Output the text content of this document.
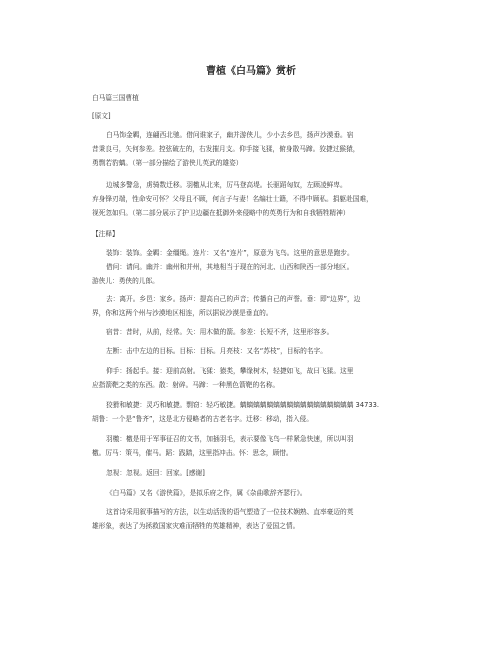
曹植《白马篇》赏析
白马篇三国曹植
[原文]
白马饰金羁，连翩西北驰。借问谁家子，幽并游侠儿，少小去乡邑，扬声沙漠垂。宿
昔秉良弓，矢何参差。控弦破左的，右发摧月支。仰手接飞猱，俯身散马蹄。狡捷过猴猿，
勇剽若豹螭。（第一部分描绘了游侠儿英武的雄姿）
边城多警急，虏骑数迁移。羽檄从北来，厉马登高堤。长驱蹈匈奴，左顾凌鲜卑。
弃身锋刃端，性命安可怀？父母且不顾，何言子与妻！名编壮士籍，不得中顾私。捐躯赴国难，
视死忽如归。（第二部分展示了护卫边疆在抵御外来侵略中的英勇行为和自我牺牲精神）
【注释】
装饰：装饰。金羁：金缰绳。连片：又名“连片”，原意为飞鸟。这里的意思是跑步。
借问：请问。幽并：幽州和并州，其地相当于现在的河北、山西和陕西一部分地区。
游侠儿：勇侠的儿郎。
去：离开。乡邑：家乡。扬声：提高自己的声音；传播自己的声誉。垂：即“边界”，边
界，你和这两个州与沙漠地区相连，所以据说沙漠是垂直的。
宿昔：昔时，从前，经常。矢：用木做的箭。参差：长短不齐，这里形容多。
左断：击中左边的目标。目标：目标。月亮枝：又名“苏枝”，目标的名字。
仰手：扬起手。接：迎前高射。飞猱：猿类，攀缘树木，轻捷如飞，故曰飞猱。这里
应指箭靶之类的东西。散：射碎。马蹄：一种黑色箭靶的名称。
狡猾和敏捷：灵巧和敏捷。剽窃：轻巧敏捷。螭螭螭螭螭螭螭螭螭螭螭螭螭螭螭螭螭 34733.
胡鲁：一个是“鲁齐”，这是北方侵略者的古老名字。迁移：移动，指入侵。
羽檄：檄是用于军事征召的文书，加插羽毛，表示要像飞鸟一样紧急快速，所以叫羽
檄。厉马：策马，催马。蹈：践踏，这里指冲击。怀：思念，顾惜。
忽视：忽视。返回：回家。[感谢]
《白马篇》又名《游侠篇》，是拟乐府之作，属《杂曲歌辞齐瑟行》。
这首诗采用叙事描写的方法，以生动活泼的语气塑造了一位技术娴熟、直率豪迈的英
雄形象，表达了为拯救国家灾难而牺牲的英雄精神，表达了爱国之情。
